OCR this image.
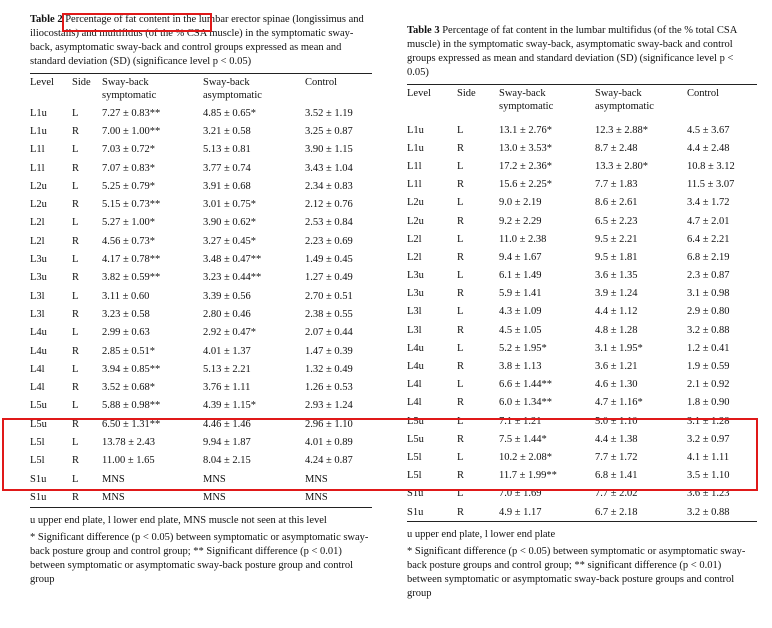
Table 2 Percentage of fat content in the lumbar erector spinae (longissimus and iliocostalis) and multifidus (of the % CSA muscle) in the symptomatic sway-back, asymptomatic sway-back and control groups expressed as mean and standard deviation (SD) (significance level p < 0.05)
Level	Side	Sway-back symptomatic	Sway-back asymptomatic	Control
L1u	L	7.27 ± 0.83**	4.85 ± 0.65*	3.52 ± 1.19
L1u	R	7.00 ± 1.00**	3.21 ± 0.58	3.25 ± 0.87
L1l	L	7.03 ± 0.72*	5.13 ± 0.81	3.90 ± 1.15
L1l	R	7.07 ± 0.83*	3.77 ± 0.74	3.43 ± 1.04
L2u	L	5.25 ± 0.79*	3.91 ± 0.68	2.34 ± 0.83
L2u	R	5.15 ± 0.73**	3.01 ± 0.75*	2.12 ± 0.76
L2l	L	5.27 ± 1.00*	3.90 ± 0.62*	2.53 ± 0.84
L2l	R	4.56 ± 0.73*	3.27 ± 0.45*	2.23 ± 0.69
L3u	L	4.17 ± 0.78**	3.48 ± 0.47**	1.49 ± 0.45
L3u	R	3.82 ± 0.59**	3.23 ± 0.44**	1.27 ± 0.49
L3l	L	3.11 ± 0.60	3.39 ± 0.56	2.70 ± 0.51
L3l	R	3.23 ± 0.58	2.80 ± 0.46	2.38 ± 0.55
L4u	L	2.99 ± 0.63	2.92 ± 0.47*	2.07 ± 0.44
L4u	R	2.85 ± 0.51*	4.01 ± 1.37	1.47 ± 0.39
L4l	L	3.94 ± 0.85**	5.13 ± 2.21	1.32 ± 0.49
L4l	R	3.52 ± 0.68*	3.76 ± 1.11	1.26 ± 0.53
L5u	L	5.88 ± 0.98**	4.39 ± 1.15*	2.93 ± 1.24
L5u	R	6.50 ± 1.31**	4.46 ± 1.46	2.96 ± 1.10
L5l	L	13.78 ± 2.43	9.94 ± 1.87	4.01 ± 0.89
L5l	R	11.00 ± 1.65	8.04 ± 2.15	4.24 ± 0.87
S1u	L	MNS	MNS	MNS
S1u	R	MNS	MNS	MNS

u upper end plate, l lower end plate, MNS muscle not seen at this level

* Significant difference (p < 0.05) between symptomatic or asymptomatic sway-back posture group and control group; ** Significant difference (p < 0.01) between symptomatic or asymptomatic sway-back posture group and control group

Table 3 Percentage of fat content in the lumbar multifidus (of the % total CSA muscle) in the symptomatic sway-back, asymptomatic sway-back and control groups expressed as mean and standard deviation (SD) (significance level p < 0.05)
Level	Side	Sway-back symptomatic	Sway-back asymptomatic	Control
L1u	L	13.1 ± 2.76*	12.3 ± 2.88*	4.5 ± 3.67
L1u	R	13.0 ± 3.53*	8.7 ± 2.48	4.4 ± 2.48
L1l	L	17.2 ± 2.36*	13.3 ± 2.80*	10.8 ± 3.12
L1l	R	15.6 ± 2.25*	7.7 ± 1.83	11.5 ± 3.07
L2u	L	9.0 ± 2.19	8.6 ± 2.61	3.4 ± 1.72
L2u	R	9.2 ± 2.29	6.5 ± 2.23	4.7 ± 2.01
L2l	L	11.0 ± 2.38	9.5 ± 2.21	6.4 ± 2.21
L2l	R	9.4 ± 1.67	9.5 ± 1.81	6.8 ± 2.19
L3u	L	6.1 ± 1.49	3.6 ± 1.35	2.3 ± 0.87
L3u	R	5.9 ± 1.41	3.9 ± 1.24	3.1 ± 0.98
L3l	L	4.3 ± 1.09	4.4 ± 1.12	2.9 ± 0.80
L3l	R	4.5 ± 1.05	4.8 ± 1.28	3.2 ± 0.88
L4u	L	5.2 ± 1.95*	3.1 ± 1.95*	1.2 ± 0.41
L4u	R	3.8 ± 1.13	3.6 ± 1.21	1.9 ± 0.59
L4l	L	6.6 ± 1.44**	4.6 ± 1.30	2.1 ± 0.92
L4l	R	6.0 ± 1.34**	4.7 ± 1.16*	1.8 ± 0.90
L5u	L	7.1 ± 1.21	5.0 ± 1.10	3.1 ± 1.28
L5u	R	7.5 ± 1.44*	4.4 ± 1.38	3.2 ± 0.97
L5l	L	10.2 ± 2.08*	7.7 ± 1.72	4.1 ± 1.11
L5l	R	11.7 ± 1.99**	6.8 ± 1.41	3.5 ± 1.10
S1u	L	7.0 ± 1.69	7.7 ± 2.02	3.6 ± 1.23
S1u	R	4.9 ± 1.17	6.7 ± 2.18	3.2 ± 0.88

u upper end plate, l lower end plate

* Significant difference (p < 0.05) between symptomatic or asymptomatic sway-back posture groups and control group; ** significant difference (p < 0.01) between symptomatic or asymptomatic sway-back posture groups and control group
